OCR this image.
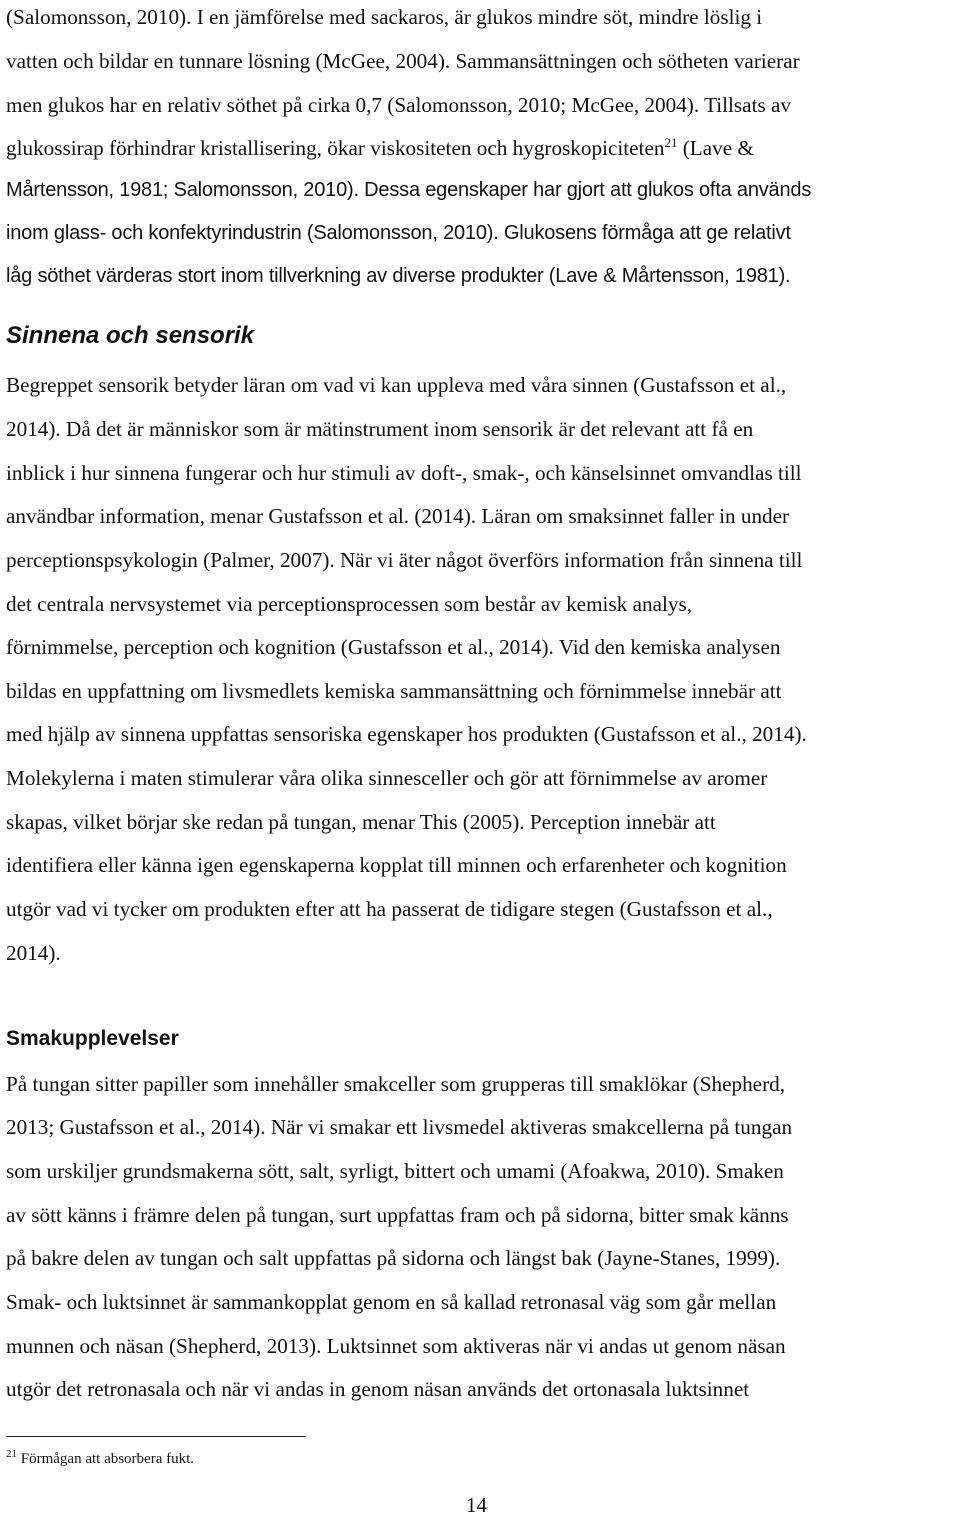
(Salomonsson, 2010). I en jämförelse med sackaros, är glukos mindre söt, mindre löslig i
vatten och bildar en tunnare lösning (McGee, 2004). Sammansättningen och sötheten varierar
men glukos har en relativ söthet på cirka 0,7 (Salomonsson, 2010; McGee, 2004). Tillsats av
glukossirap förhindrar kristallisering, ökar viskositeten och hygroskopiciteten$^{21}$ (Lave &
Mårtensson, 1981; Salomonsson, 2010). Dessa egenskaper har gjort att glukos ofta används
inom glass- och konfektyrindustrin (Salomonsson, 2010). Glukosens förmåga att ge relativt
låg söthet värderas stort inom tillverkning av diverse produkter (Lave & Mårtensson, 1981).
Sinnena och sensorik
Begreppet sensorik betyder läran om vad vi kan uppleva med våra sinnen (Gustafsson et al.,
2014). Då det är människor som är mätinstrument inom sensorik är det relevant att få en
inblick i hur sinnena fungerar och hur stimuli av doft-, smak-, och känselsinnet omvandlas till
användbar information, menar Gustafsson et al. (2014). Läran om smaksinnet faller in under
perceptionspsykologin (Palmer, 2007). När vi äter något överförs information från sinnena till
det centrala nervsystemet via perceptionsprocessen som består av kemisk analys,
förnimmelse, perception och kognition (Gustafsson et al., 2014). Vid den kemiska analysen
bildas en uppfattning om livsmedlets kemiska sammansättning och förnimmelse innebär att
med hjälp av sinnena uppfattas sensoriska egenskaper hos produkten (Gustafsson et al., 2014).
Molekylerna i maten stimulerar våra olika sinnesceller och gör att förnimmelse av aromer
skapas, vilket börjar ske redan på tungan, menar This (2005). Perception innebär att
identifiera eller känna igen egenskaperna kopplat till minnen och erfarenheter och kognition
utgör vad vi tycker om produkten efter att ha passerat de tidigare stegen (Gustafsson et al.,
2014).
Smakupplevelser
På tungan sitter papiller som innehåller smakceller som grupperas till smaklökar (Shepherd,
2013; Gustafsson et al., 2014). När vi smakar ett livsmedel aktiveras smakcellerna på tungan
som urskiljer grundsmakerna sött, salt, syrligt, bittert och umami (Afoakwa, 2010). Smaken
av sött känns i främre delen på tungan, surt uppfattas fram och på sidorna, bitter smak känns
på bakre delen av tungan och salt uppfattas på sidorna och längst bak (Jayne-Stanes, 1999).
Smak- och luktsinnet är sammankopplat genom en så kallad retronasal väg som går mellan
munnen och näsan (Shepherd, 2013). Luktsinnet som aktiveras när vi andas ut genom näsan
utgör det retronasala och när vi andas in genom näsan används det ortonasala luktsinnet
$^{21}$ Förmågan att absorbera fukt.
14
